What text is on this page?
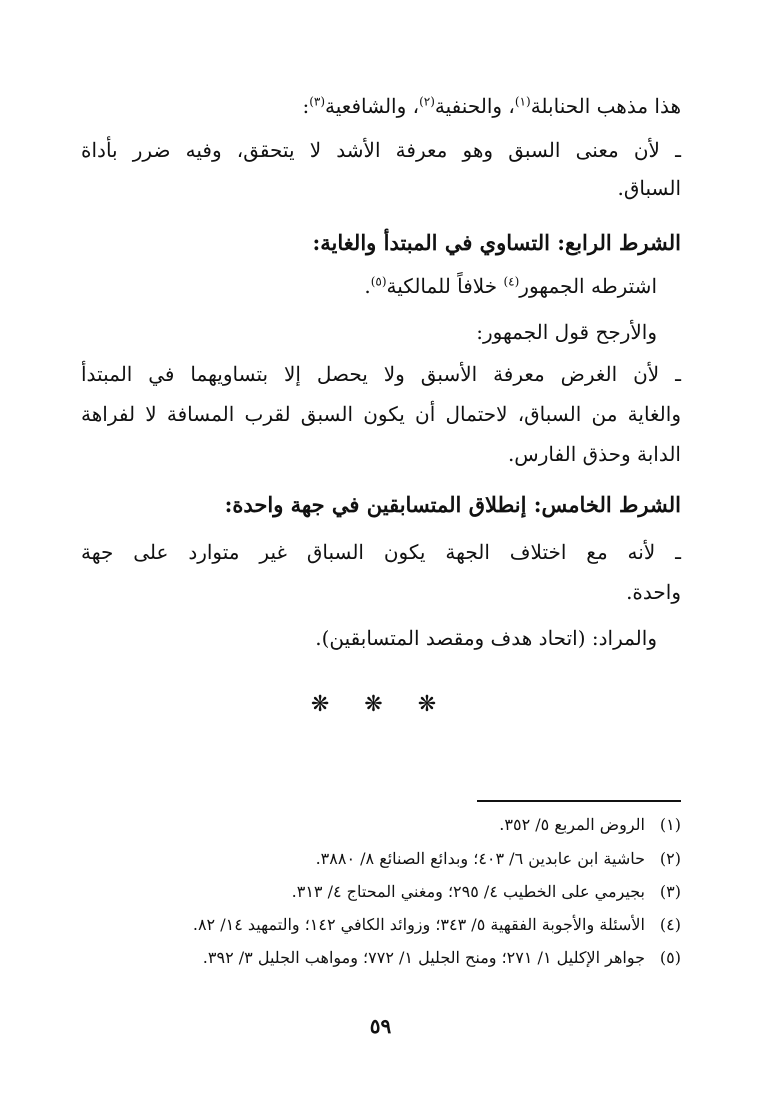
هذا مذهب الحنابلة$^{(١)}$، والحنفية$^{(٢)}$، والشافعية$^{(٣)}$:
ـ لأن معنى السبق وهو معرفة الأشد لا يتحقق، وفيه ضرر بأداة
السباق.
الشرط الرابع: التساوي في المبتدأ والغاية:
اشترطه الجمهور$^{(٤)}$ خلافاً للمالكية$^{(٥)}$.
والأرجح قول الجمهور:
ـ لأن الغرض معرفة الأسبق ولا يحصل إلا بتساويهما في المبتدأ
والغاية من السباق، لاحتمال أن يكون السبق لقرب المسافة لا لفراهة
الدابة وحذق الفارس.
الشرط الخامس: إنطلاق المتسابقين في جهة واحدة:
ـ لأنه مع اختلاف الجهة يكون السباق غير متوارد على جهة
واحدة.
والمراد: (اتحاد هدف ومقصد المتسابقين).
❋ ❋ ❋
(١)الروض المربع ٥/ ٣٥٢.
(٢)حاشية ابن عابدين ٦/ ٤٠٣؛ وبدائع الصنائع ٨/ ٣٨٨٠.
(٣)بجيرمي على الخطيب ٤/ ٢٩٥؛ ومغني المحتاج ٤/ ٣١٣.
(٤)الأسئلة والأجوبة الفقهية ٥/ ٣٤٣؛ وزوائد الكافي ١٤٢؛ والتمهيد ١٤/ ٨٢.
(٥)جواهر الإكليل ١/ ٢٧١؛ ومنح الجليل ١/ ٧٧٢؛ ومواهب الجليل ٣/ ٣٩٢.
٥٩
